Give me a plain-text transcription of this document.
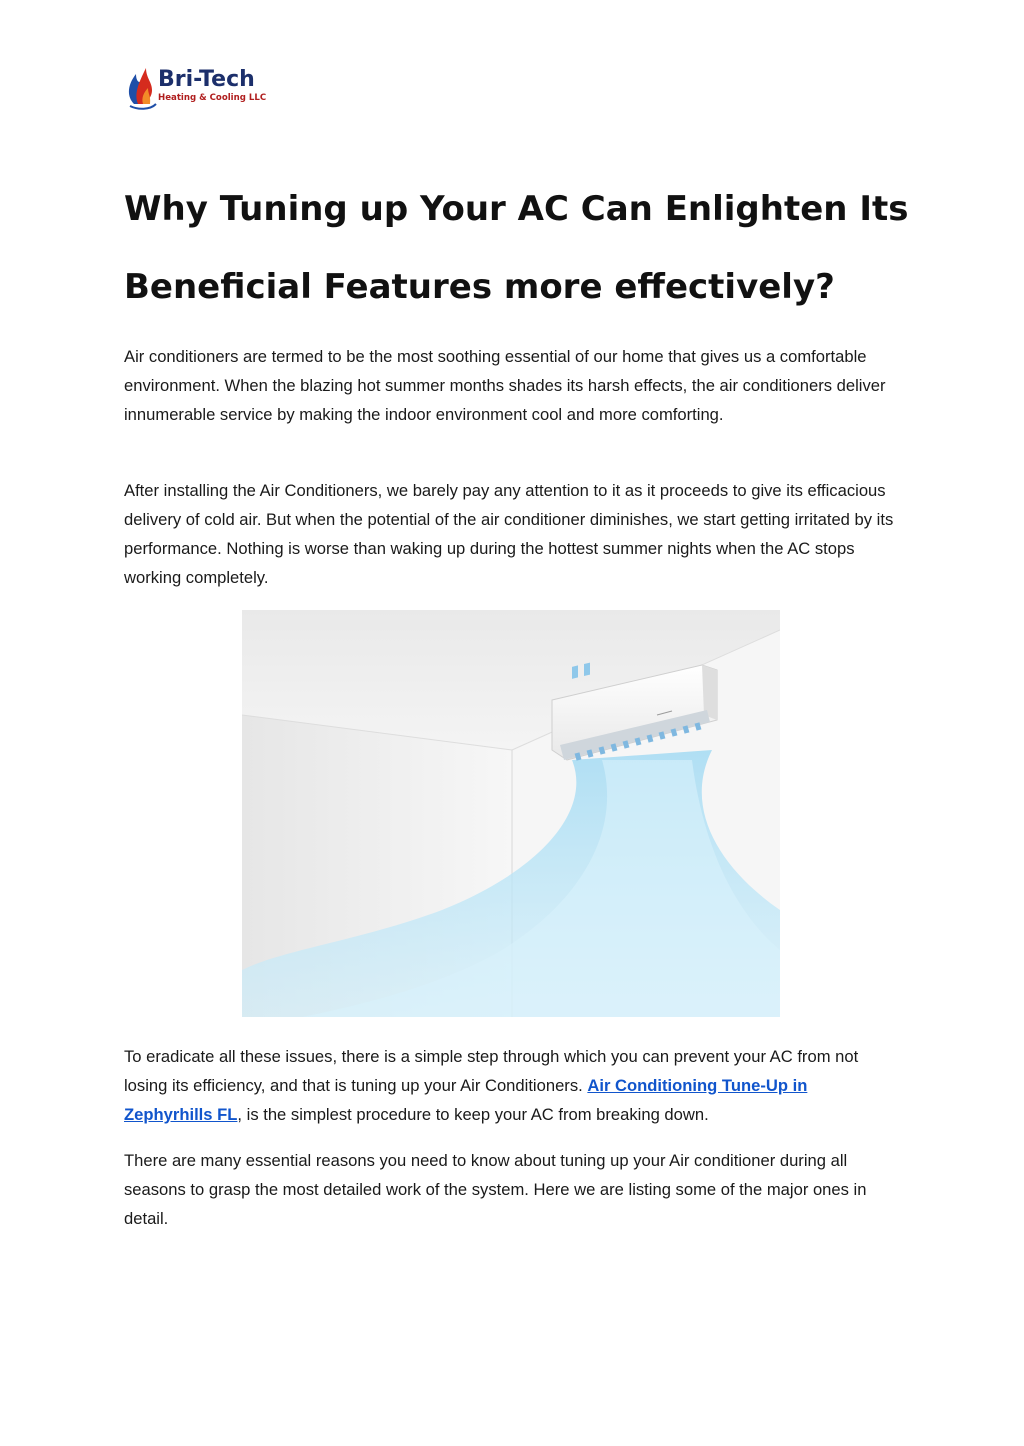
Bri-Tech
Heating & Cooling LLC
Why Tuning up Your AC Can Enlighten Its
Beneficial Features more effectively?

Air conditioners are termed to be the most soothing essential of our home that gives us a comfortable environment. When the blazing hot summer months shades its harsh effects, the air conditioners deliver innumerable service by making the indoor environment cool and more comforting.

After installing the Air Conditioners, we barely pay any attention to it as it proceeds to give its efficacious delivery of cold air. But when the potential of the air conditioner diminishes, we start getting irritated by its performance. Nothing is worse than waking up during the hottest summer nights when the AC stops working completely.

To eradicate all these issues, there is a simple step through which you can prevent your AC from not losing its efficiency, and that is tuning up your Air Conditioners. Air Conditioning Tune-Up in Zephyrhills FL, is the simplest procedure to keep your AC from breaking down.

There are many essential reasons you need to know about tuning up your Air conditioner during all seasons to grasp the most detailed work of the system. Here we are listing some of the major ones in detail.
